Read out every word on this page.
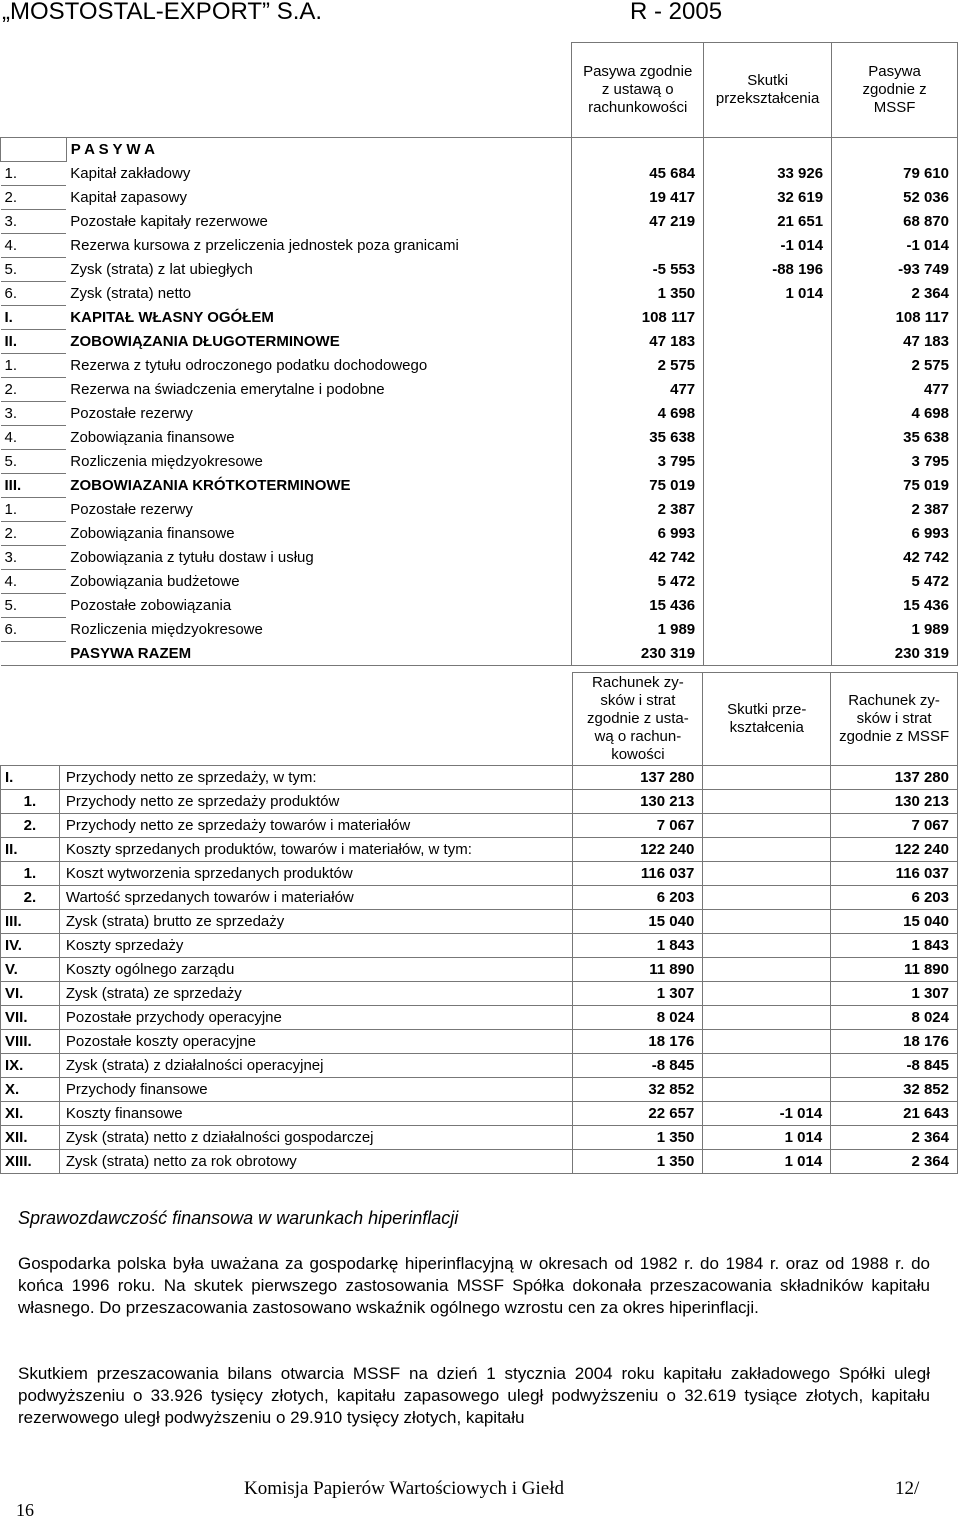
„MOSTOSTAL-EXPORT” S.A.	R - 2005
		Pasywa zgodnie z ustawą o rachunkowości	Skutki przekształcenia	Pasywa zgodnie z MSSF
	P A S Y W A			
1.	Kapitał zakładowy	45 684	33 926	79 610
2.	Kapitał zapasowy	19 417	32 619	52 036
3.	Pozostałe kapitały rezerwowe	47 219	21 651	68 870
4.	Rezerwa kursowa z przeliczenia jednostek poza granicami		-1 014	-1 014
5.	Zysk (strata) z lat ubiegłych	-5 553	-88 196	-93 749
6.	Zysk (strata) netto	1 350	1 014	2 364
I.	KAPITAŁ WŁASNY OGÓŁEM	108 117		108 117
II.	ZOBOWIĄZANIA DŁUGOTERMINOWE	47 183		47 183
1.	Rezerwa z tytułu odroczonego podatku dochodowego	2 575		2 575
2.	Rezerwa na świadczenia emerytalne i podobne	477		477
3.	Pozostałe rezerwy	4 698		4 698
4.	Zobowiązania finansowe	35 638		35 638
5.	Rozliczenia międzyokresowe	3 795		3 795
III.	ZOBOWIAZANIA KRÓTKOTERMINOWE	75 019		75 019
1.	Pozostałe rezerwy	2 387		2 387
2.	Zobowiązania finansowe	6 993		6 993
3.	Zobowiązania z tytułu dostaw i usług	42 742		42 742
4.	Zobowiązania budżetowe	5 472		5 472
5.	Pozostałe zobowiązania	15 436		15 436
6.	Rozliczenia międzyokresowe	1 989		1 989
	PASYWA RAZEM	230 319		230 319
		Rachunek zy-sków i strat zgodnie z usta-wą o rachun-kowości	Skutki prze-kształcenia	Rachunek zy-sków i strat zgodnie z MSSF
I.	Przychody netto ze sprzedaży, w tym:	137 280		137 280
1.	Przychody netto ze sprzedaży produktów	130 213		130 213
2.	Przychody netto ze sprzedaży towarów i materiałów	7 067		7 067
II.	Koszty sprzedanych produktów, towarów i materiałów, w tym:	122 240		122 240
1.	Koszt wytworzenia sprzedanych produktów	116 037		116 037
2.	Wartość sprzedanych towarów i materiałów	6 203		6 203
III.	Zysk (strata) brutto ze sprzedaży	15 040		15 040
IV.	Koszty sprzedaży	1 843		1 843
V.	Koszty ogólnego zarządu	11 890		11 890
VI.	Zysk (strata) ze sprzedaży	1 307		1 307
VII.	Pozostałe przychody operacyjne	8 024		8 024
VIII.	Pozostałe koszty operacyjne	18 176		18 176
IX.	Zysk (strata) z działalności operacyjnej	-8 845		-8 845
X.	Przychody finansowe	32 852		32 852
XI.	Koszty finansowe	22 657	-1 014	21 643
XII.	Zysk (strata) netto z działalności gospodarczej	1 350	1 014	2 364
XIII.	Zysk (strata) netto za rok obrotowy	1 350	1 014	2 364
Sprawozdawczość finansowa w warunkach hiperinflacji
Gospodarka polska była uważana za gospodarkę hiperinflacyjną w okresach od 1982 r. do 1984 r. oraz od 1988 r. do końca 1996 roku. Na skutek pierwszego zastosowania MSSF Spółka dokonała przeszacowania składników kapitału własnego. Do przeszacowania zastosowano wskaźnik ogólnego wzrostu cen za okres hiperinflacji.
Skutkiem przeszacowania bilans otwarcia MSSF na dzień 1 stycznia 2004 roku kapitału zakładowego Spółki uległ podwyższeniu o 33.926 tysięcy złotych, kapitału zapasowego uległ podwyższeniu o 32.619 tysiące złotych, kapitału rezerwowego uległ podwyższeniu o 29.910 tysięcy złotych, kapitału
Komisja Papierów Wartościowych i Giełd	12/
16
